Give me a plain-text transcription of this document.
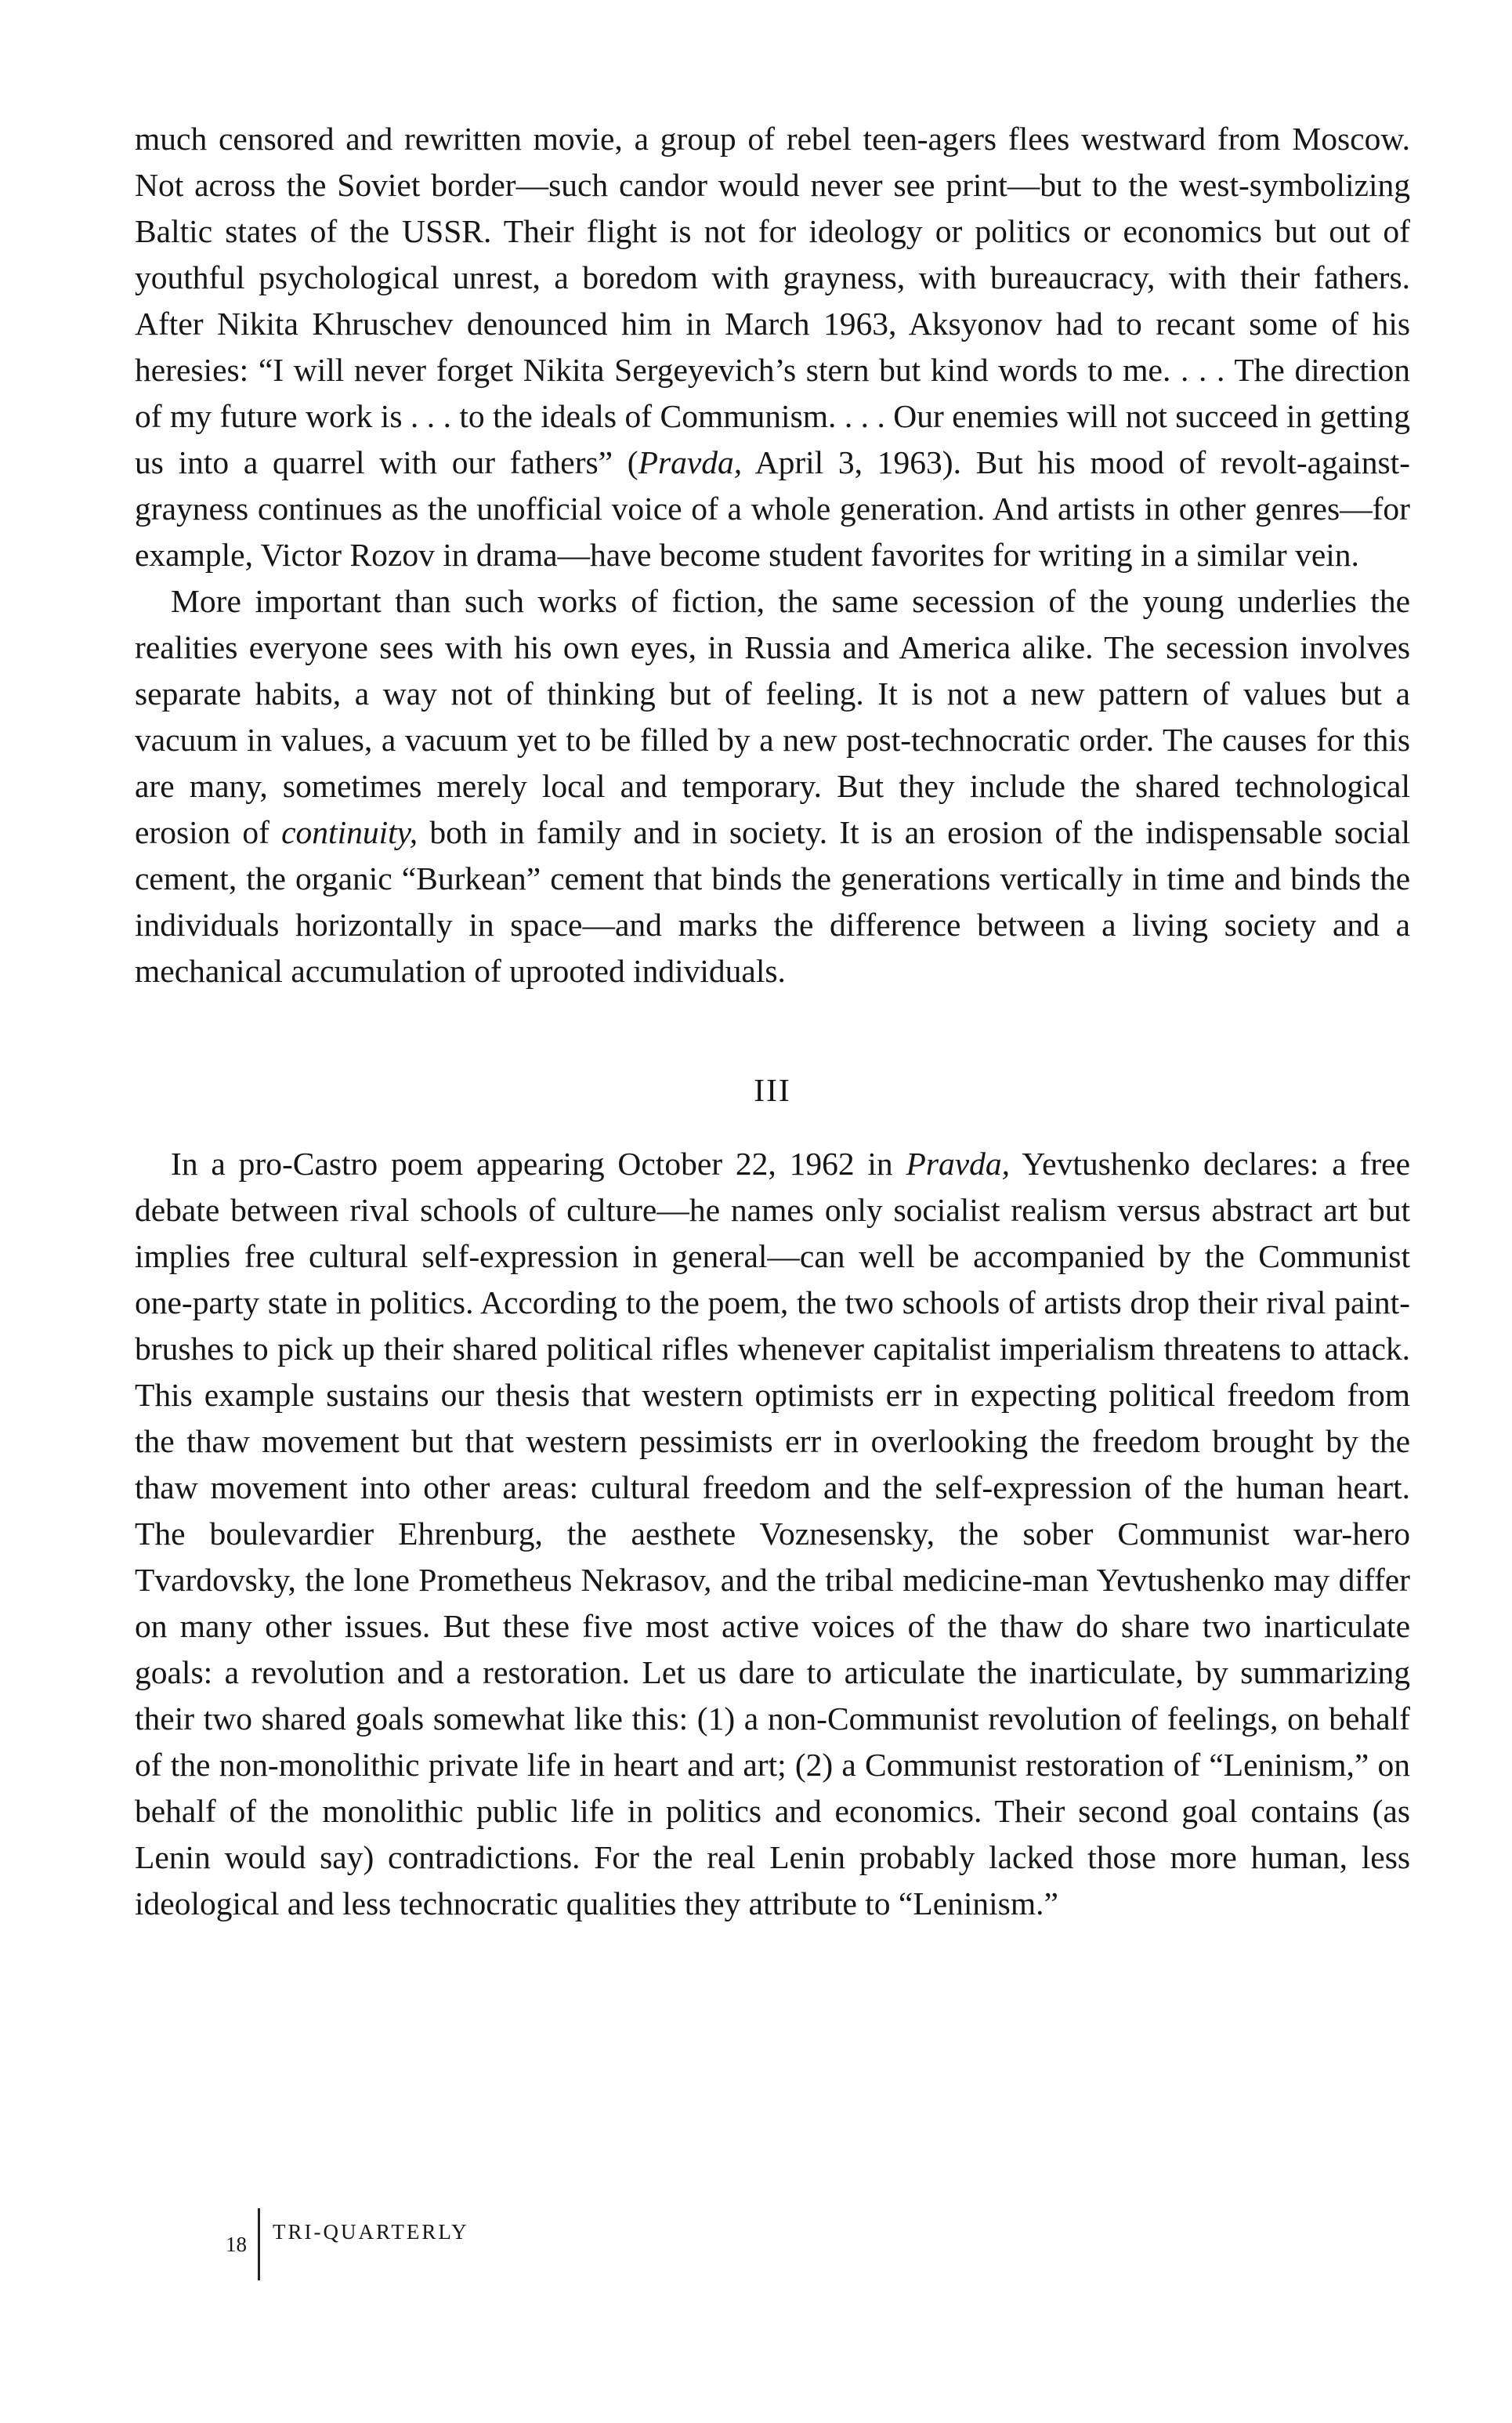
much censored and rewritten movie, a group of rebel teen-agers flees westward from Moscow. Not across the Soviet border—such candor would never see print—but to the west-symbolizing Baltic states of the USSR. Their flight is not for ideology or politics or economics but out of youthful psychological unrest, a boredom with grayness, with bureaucracy, with their fathers. After Nikita Khruschev denounced him in March 1963, Aksyonov had to recant some of his heresies: “I will never forget Nikita Sergeyevich’s stern but kind words to me. . . . The direction of my future work is . . . to the ideals of Communism. . . . Our enemies will not succeed in getting us into a quarrel with our fathers” (Pravda, April 3, 1963). But his mood of revolt-against-grayness continues as the unofficial voice of a whole generation. And artists in other genres—for example, Victor Rozov in drama—have become student favorites for writing in a similar vein.

More important than such works of fiction, the same secession of the young underlies the realities everyone sees with his own eyes, in Russia and America alike. The secession involves separate habits, a way not of thinking but of feeling. It is not a new pattern of values but a vacuum in values, a vacuum yet to be filled by a new post-technocratic order. The causes for this are many, sometimes merely local and temporary. But they include the shared technological erosion of continuity, both in family and in society. It is an erosion of the indispensable social cement, the organic “Burkean” cement that binds the generations vertically in time and binds the individuals horizontally in space—and marks the difference between a living society and a mechanical accumulation of uprooted individuals.

III

In a pro-Castro poem appearing October 22, 1962 in Pravda, Yevtushenko declares: a free debate between rival schools of culture—he names only socialist realism versus abstract art but implies free cultural self-expression in general—can well be accompanied by the Communist one-party state in politics. According to the poem, the two schools of artists drop their rival paint-brushes to pick up their shared political rifles whenever capitalist imperialism threatens to attack. This example sustains our thesis that western optimists err in expecting political freedom from the thaw movement but that western pessimists err in overlooking the freedom brought by the thaw movement into other areas: cultural freedom and the self-expression of the human heart. The boulevardier Ehrenburg, the aesthete Voznesensky, the sober Communist war-hero Tvardovsky, the lone Prometheus Nekrasov, and the tribal medicine-man Yevtushenko may differ on many other issues. But these five most active voices of the thaw do share two inarticulate goals: a revolution and a restoration. Let us dare to articulate the inarticulate, by summarizing their two shared goals somewhat like this: (1) a non-Communist revolution of feelings, on behalf of the non-monolithic private life in heart and art; (2) a Communist restoration of “Leninism,” on behalf of the monolithic public life in politics and economics. Their second goal contains (as Lenin would say) contradictions. For the real Lenin probably lacked those more human, less ideological and less technocratic qualities they attribute to “Leninism.”

18
TRI-QUARTERLY
